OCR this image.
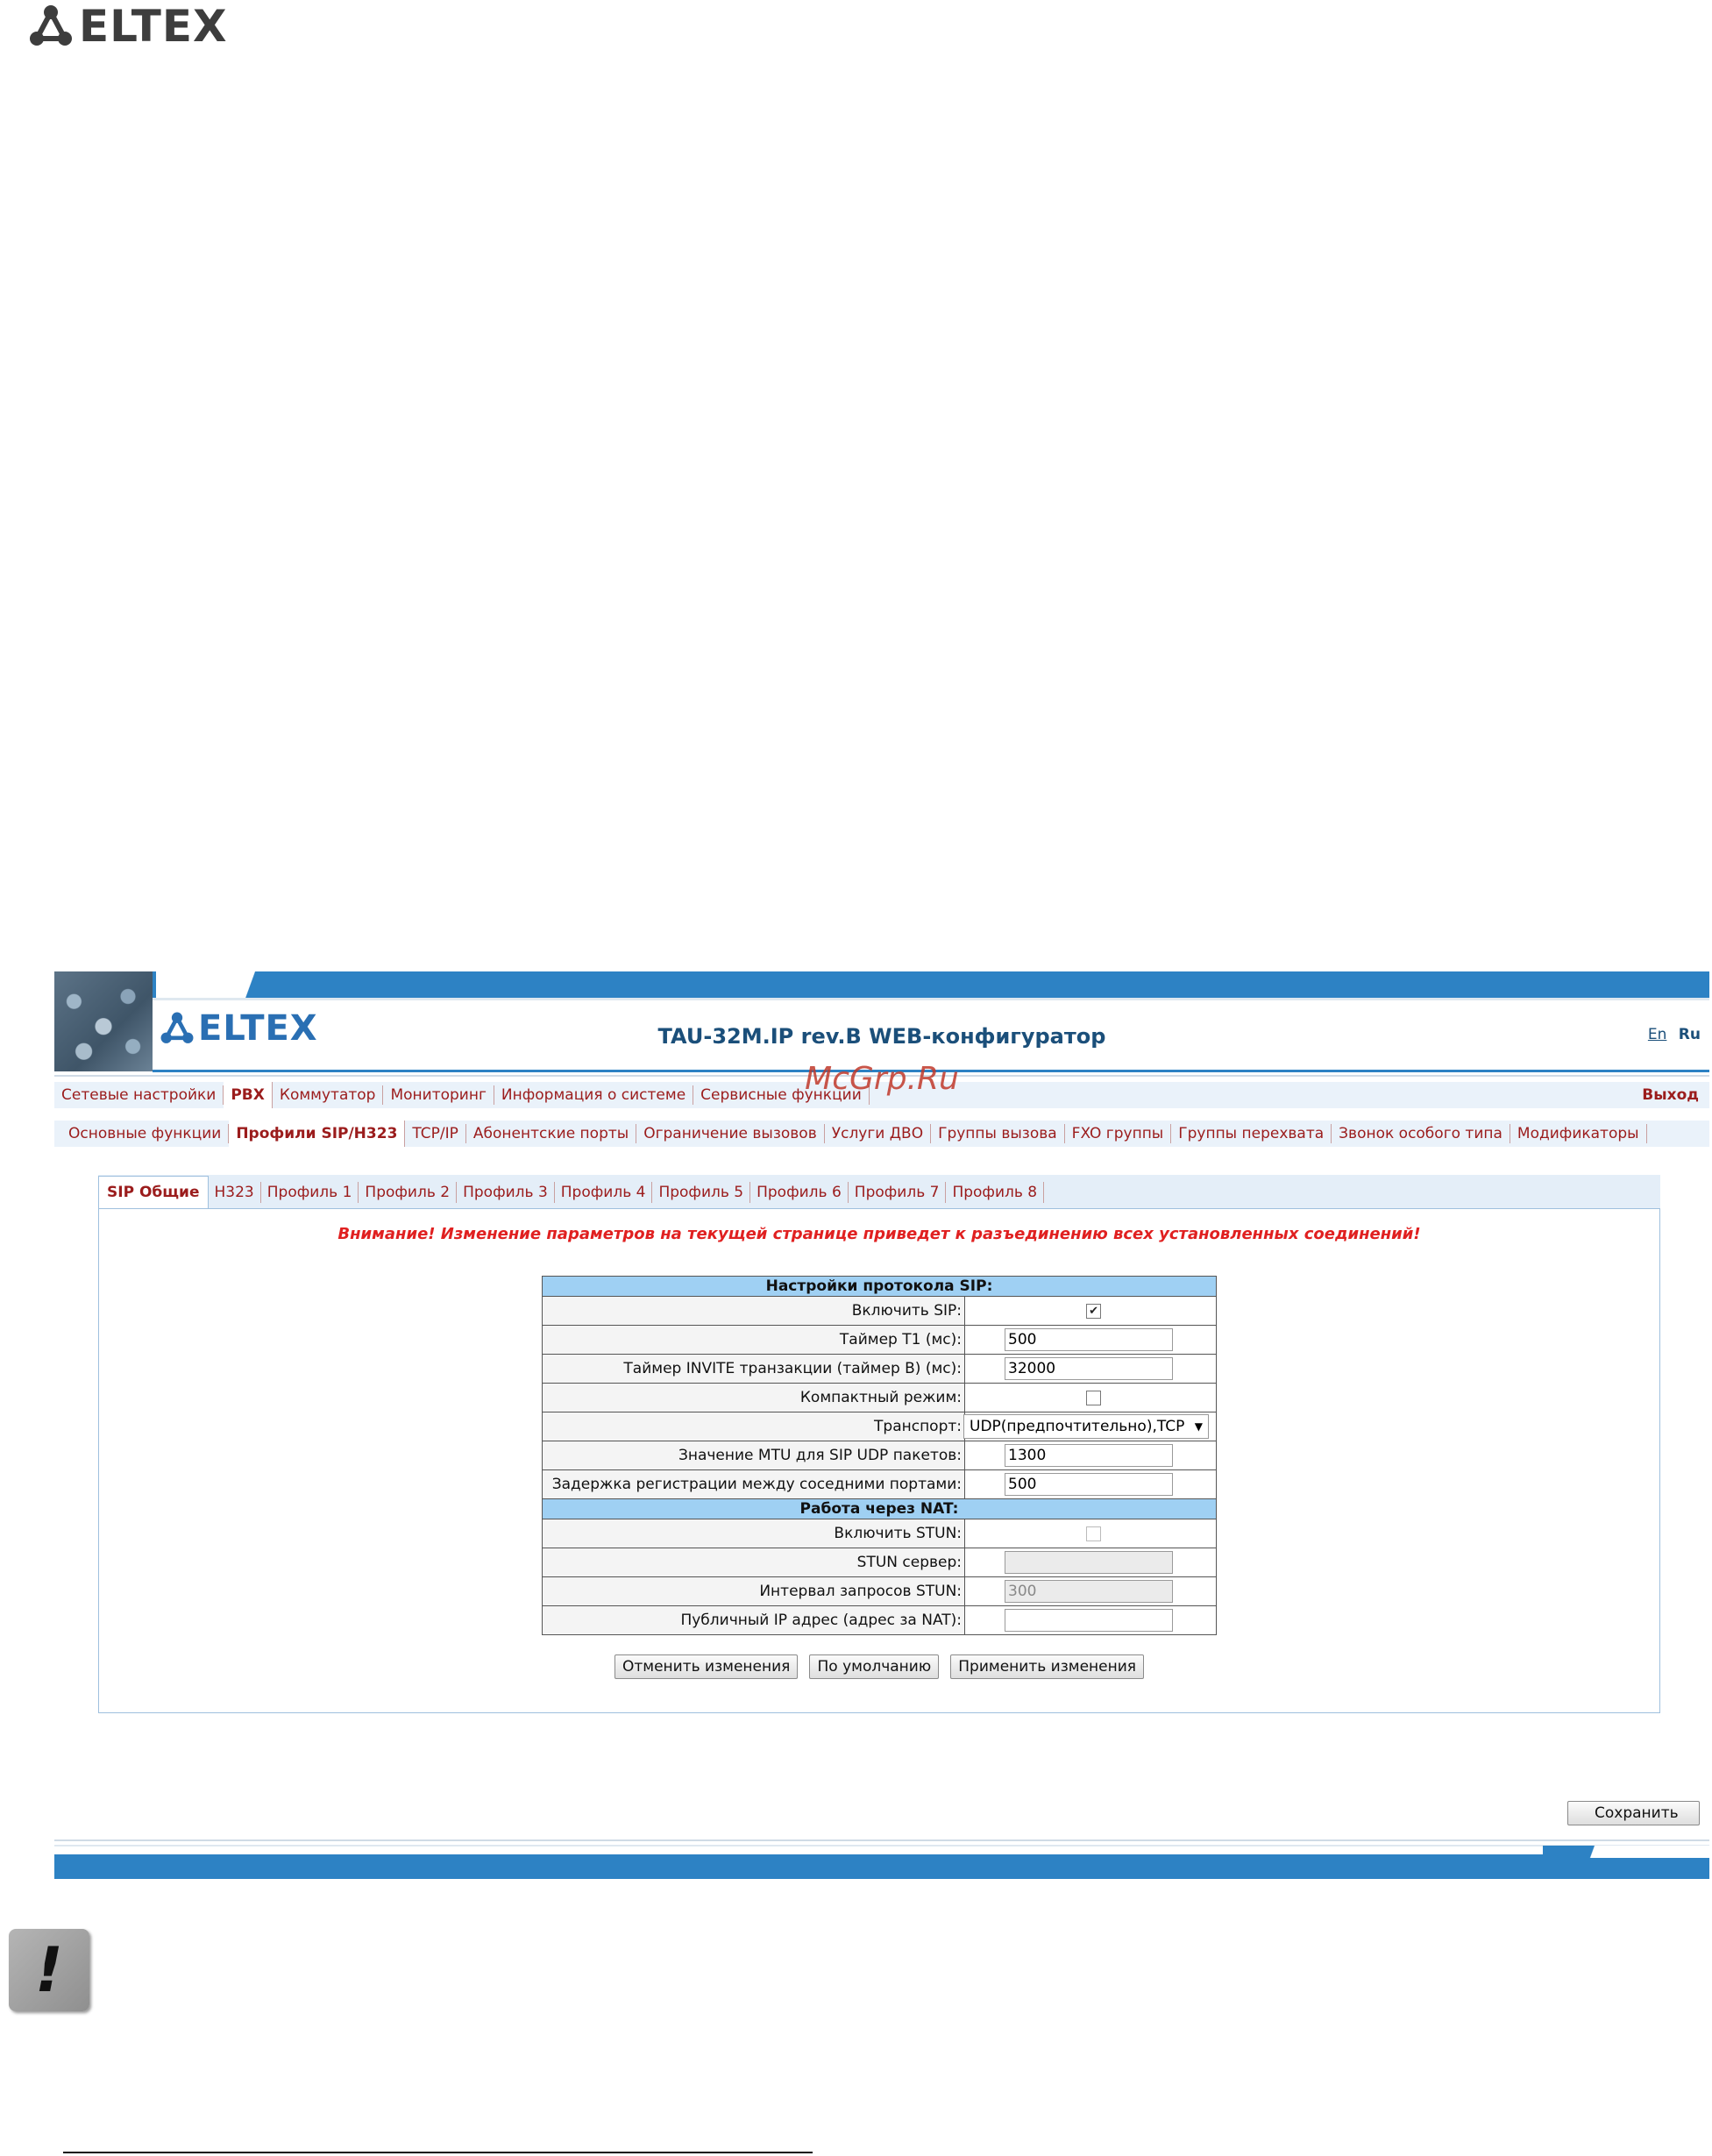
ELTEX
ELTEX	TAU-32M.IP rev.B WEB-конфигуратор	En Ru
Сетевые настройки	PBX	Коммутатор	Мониторинг	Информация о системе	Сервисные функции	Выход
McGrp.Ru
Основные функции	Профили SIP/H323	TCP/IP	Абонентские порты	Ограничение вызовов	Услуги ДВО	Группы вызова	FXO группы	Группы перехвата	Звонок особого типа	Модификаторы
SIP Общие	H323 Профиль 1 Профиль 2 Профиль 3 Профиль 4 Профиль 5 Профиль 6 Профиль 7 Профиль 8
Внимание! Изменение параметров на текущей странице приведет к разъединению всех установленных соединений!
Настройки протокола SIP:	
Включить SIP:	✔
Таймер T1 (мс):	500
Таймер INVITE транзакции (таймер B) (мс):	32000
Компактный режим:	
Транспорт:	UDP(предпочтительно),TCP ▼

Значение MTU для SIP UDP пакетов:	1300
Задержка регистрации между соседними портами:	500
Работа через NAT:	
Включить STUN:	
STUN сервер:	
Интервал запросов STUN:	300
Публичный IP адрес (адрес за NAT):	
Отменить изменения По умолчанию Применить изменения
Сохранить
!
